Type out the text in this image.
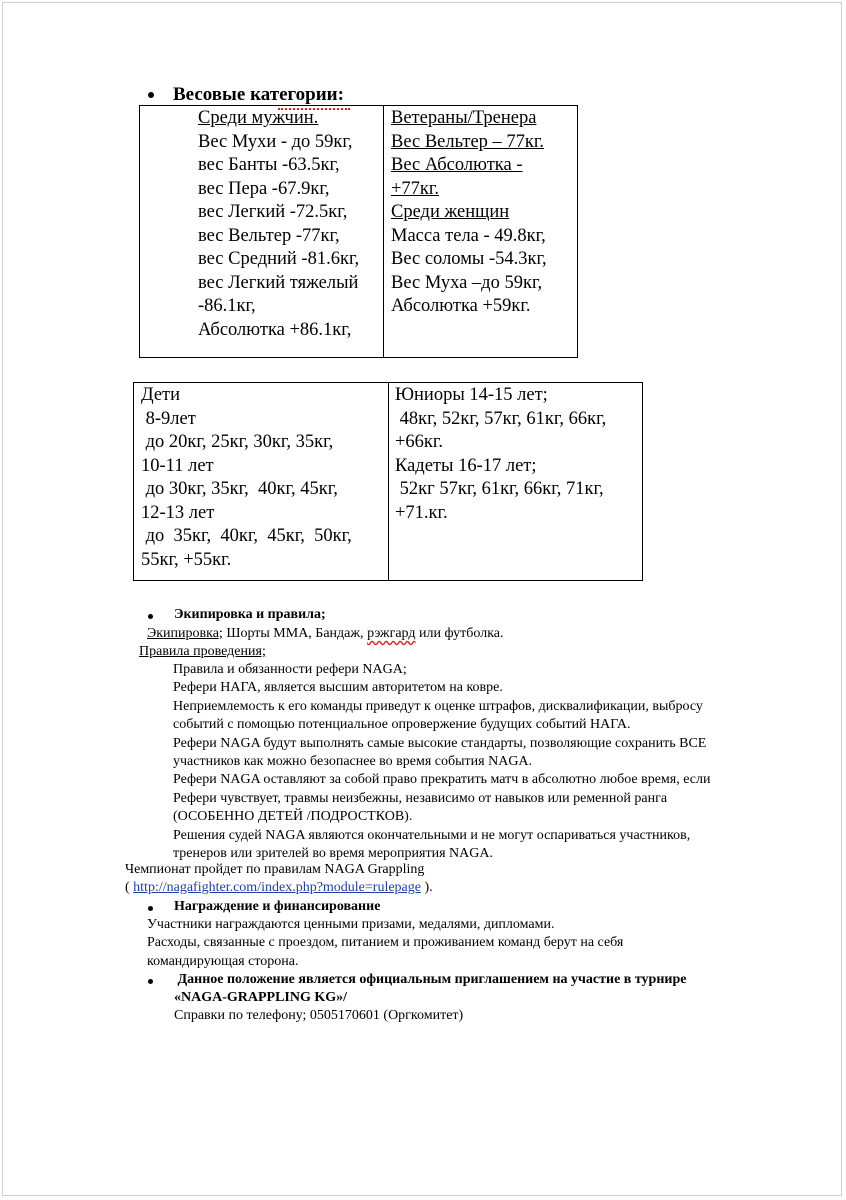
Весовые категории:
Среди мужчин.
Вес Мухи - до 59кг,
вес Банты -63.5кг,
вес Пера -67.9кг,
вес Легкий -72.5кг,
вес Вельтер -77кг,
вес Средний -81.6кг,
вес Легкий тяжелый
-86.1кг,
Абсолютка +86.1кг,
Ветераны/Тренера
Вес Вельтер – 77кг.
Вес Абсолютка -
+77кг.
Среди женщин
Масса тела - 49.8кг,
Вес соломы -54.3кг,
Вес Муха –до 59кг,
Абсолютка +59кг.
Дети
8-9лет
до 20кг, 25кг, 30кг, 35кг,
10-11 лет
до 30кг, 35кг,  40кг, 45кг,
12-13 лет
до  35кг,  40кг,  45кг,  50кг,
55кг, +55кг.
Юниоры 14-15 лет;
48кг, 52кг, 57кг, 61кг, 66кг,
+66кг.
Кадеты 16-17 лет;
52кг 57кг, 61кг, 66кг, 71кг,
+71.кг.
Экипировка и правила;
Экипировка; Шорты ММА, Бандаж, рэжгард или футболка.
Правила проведения;
Правила и обязанности рефери NAGA;
Рефери НАГА, является высшим авторитетом на ковре.
Неприемлемость к его команды приведут к оценке штрафов, дисквалификации, выбросу
событий с помощью потенциальное опровержение будущих событий НАГА.
Рефери NAGA будут выполнять самые высокие стандарты, позволяющие сохранить ВСЕ
участников как можно безопаснее во время события NAGA.
Рефери NAGA оставляют за собой право прекратить матч в абсолютно любое время, если
Рефери чувствует, травмы неизбежны, независимо от навыков или ременной ранга
(ОСОБЕННО ДЕТЕЙ /ПОДРОСТКОВ).
Решения судей NAGA являются окончательными и не могут оспариваться участников,
тренеров или зрителей во время мероприятия NAGA.
Чемпионат пройдет по правилам NAGA Grappling
( http://nagafighter.com/index.php?module=rulepage ).
Награждение и финансирование
Участники награждаются ценными призами, медалями, дипломами.
Расходы, связанные с проездом, питанием и проживанием команд берут на себя
командирующая сторона.
Данное положение является официальным приглашением на участие в турнире
«NAGA-GRAPPLING KG»/
Справки по телефону; 0505170601 (Оргкомитет)
